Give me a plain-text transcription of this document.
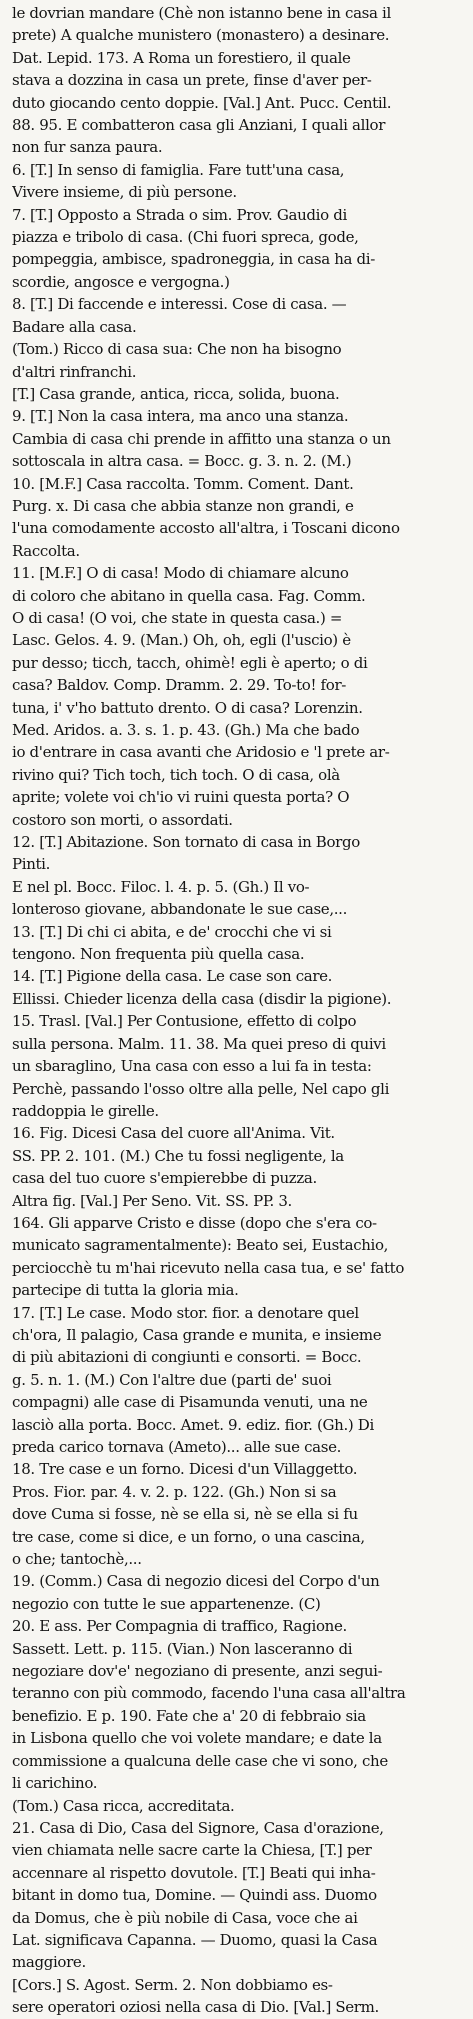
le dovrian mandare (Chè non istanno bene in casa il
prete) A qualche munistero (monastero) a desinare.
Dat. Lepid. 173. A Roma un forestiero, il quale
stava a dozzina in casa un prete, finse d'aver per-
duto giocando cento doppie. [Val.] Ant. Pucc. Centil.
88. 95. E combatteron casa gli Anziani, I quali allor
non fur sanza paura.
6. [T.] In senso di famiglia. Fare tutt'una casa,
Vivere insieme, di più persone.
7. [T.] Opposto a Strada o sim. Prov. Gaudio di
piazza e tribolo di casa. (Chi fuori spreca, gode,
pompeggia, ambisce, spadroneggia, in casa ha di-
scordie, angosce e vergogna.)
8. [T.] Di faccende e interessi. Cose di casa. —
Badare alla casa.
(Tom.) Ricco di casa sua: Che non ha bisogno
d'altri rinfranchi.
[T.] Casa grande, antica, ricca, solida, buona.
9. [T.] Non la casa intera, ma anco una stanza.
Cambia di casa chi prende in affitto una stanza o un
sottoscala in altra casa. = Bocc. g. 3. n. 2. (M.)
10. [M.F.] Casa raccolta. Tomm. Coment. Dant.
Purg. x. Di casa che abbia stanze non grandi, e
l'una comodamente accosto all'altra, i Toscani dicono
Raccolta.
11. [M.F.] O di casa! Modo di chiamare alcuno
di coloro che abitano in quella casa. Fag. Comm.
O di casa! (O voi, che state in questa casa.) =
Lasc. Gelos. 4. 9. (Man.) Oh, oh, egli (l'uscio) è
pur desso; ticch, tacch, ohimè! egli è aperto; o di
casa? Baldov. Comp. Dramm. 2. 29. To-to! for-
tuna, i' v'ho battuto drento. O di casa? Lorenzin.
Med. Aridos. a. 3. s. 1. p. 43. (Gh.) Ma che bado
io d'entrare in casa avanti che Aridosio e 'l prete ar-
rivino qui? Tich toch, tich toch. O di casa, olà
aprite; volete voi ch'io vi ruini questa porta? O
costoro son morti, o assordati.
12. [T.] Abitazione. Son tornato di casa in Borgo
Pinti.
E nel pl. Bocc. Filoc. l. 4. p. 5. (Gh.) Il vo-
lonteroso giovane, abbandonate le sue case,...
13. [T.] Di chi ci abita, e de' crocchi che vi si
tengono. Non frequenta più quella casa.
14. [T.] Pigione della casa. Le case son care.
Ellissi. Chieder licenza della casa (disdir la pigione).
15. Trasl. [Val.] Per Contusione, effetto di colpo
sulla persona. Malm. 11. 38. Ma quei preso di quivi
un sbaraglino, Una casa con esso a lui fa in testa:
Perchè, passando l'osso oltre alla pelle, Nel capo gli
raddoppia le girelle.
16. Fig. Dicesi Casa del cuore all'Anima. Vit.
SS. PP. 2. 101. (M.) Che tu fossi negligente, la
casa del tuo cuore s'empierebbe di puzza.
Altra fig. [Val.] Per Seno. Vit. SS. PP. 3.
164. Gli apparve Cristo e disse (dopo che s'era co-
municato sagramentalmente): Beato sei, Eustachio,
perciocchè tu m'hai ricevuto nella casa tua, e se' fatto
partecipe di tutta la gloria mia.
17. [T.] Le case. Modo stor. fior. a denotare quel
ch'ora, Il palagio, Casa grande e munita, e insieme
di più abitazioni di congiunti e consorti. = Bocc.
g. 5. n. 1. (M.) Con l'altre due (parti de' suoi
compagni) alle case di Pisamunda venuti, una ne
lasciò alla porta. Bocc. Amet. 9. ediz. fior. (Gh.) Di
preda carico tornava (Ameto)... alle sue case.
18. Tre case e un forno. Dicesi d'un Villaggetto.
Pros. Fior. par. 4. v. 2. p. 122. (Gh.) Non si sa
dove Cuma si fosse, nè se ella si, nè se ella si fu
tre case, come si dice, e un forno, o una cascina,
o che; tantochè,...
19. (Comm.) Casa di negozio dicesi del Corpo d'un
negozio con tutte le sue appartenenze. (C)
20. E ass. Per Compagnia di traffico, Ragione.
Sassett. Lett. p. 115. (Vian.) Non lasceranno di
negoziare dov'e' negoziano di presente, anzi segui-
teranno con più commodo, facendo l'una casa all'altra
benefizio. E p. 190. Fate che a' 20 di febbraio sia
in Lisbona quello che voi volete mandare; e date la
commissione a qualcuna delle case che vi sono, che
li carichino.
(Tom.) Casa ricca, accreditata.
21. Casa di Dio, Casa del Signore, Casa d'orazione,
vien chiamata nelle sacre carte la Chiesa, [T.] per
accennare al rispetto dovutole. [T.] Beati qui inha-
bitant in domo tua, Domine. — Quindi ass. Duomo
da Domus, che è più nobile di Casa, voce che ai
Lat. significava Capanna. — Duomo, quasi la Casa
maggiore.
[Cors.] S. Agost. Serm. 2. Non dobbiamo es-
sere operatori oziosi nella casa di Dio. [Val.] Serm.
